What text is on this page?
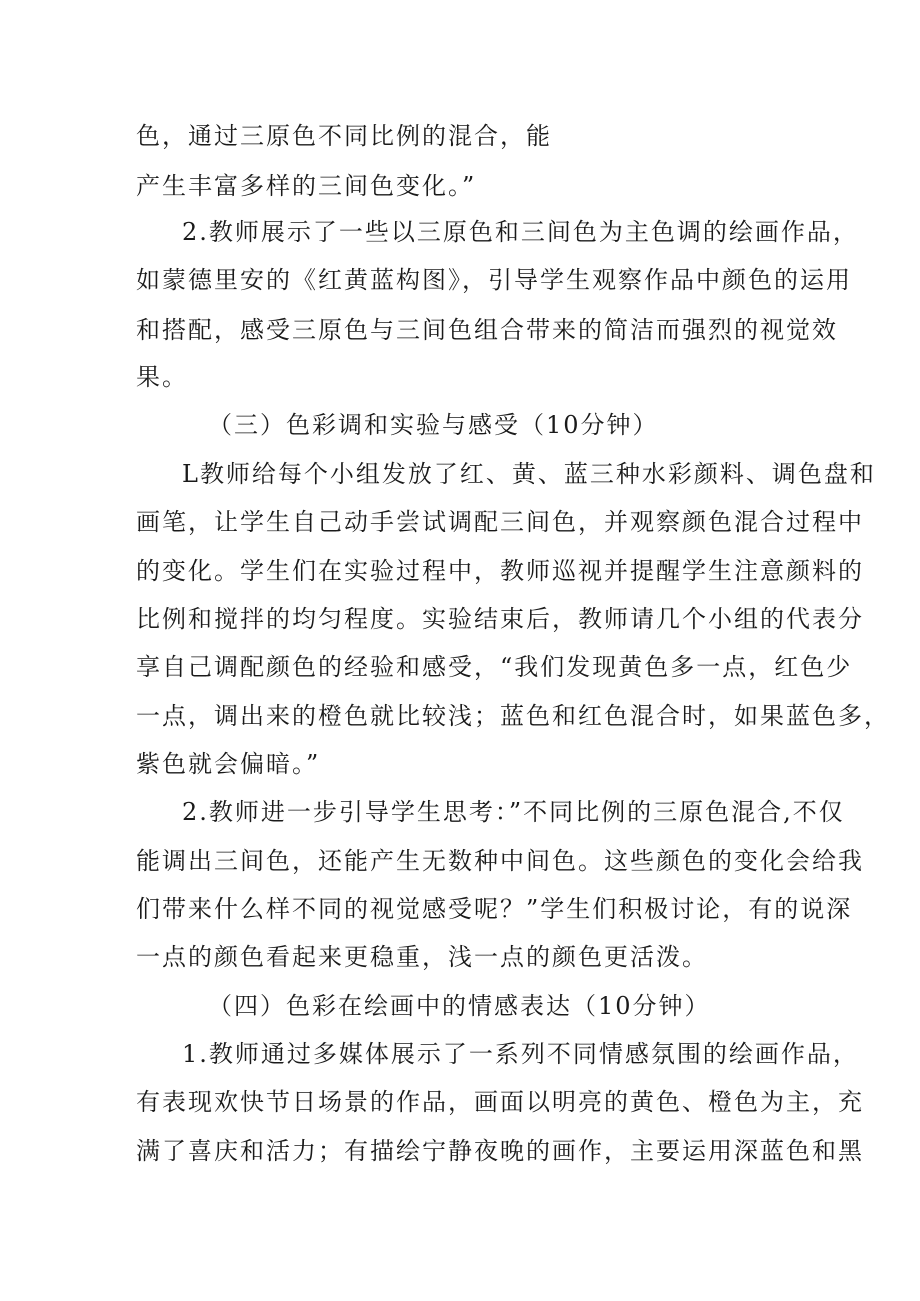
色，通过三原色不同比例的混合，能
产生丰富多样的三间色变化。”
2.教师展示了一些以三原色和三间色为主色调的绘画作品，
如蒙德里安的《红黄蓝构图》，引导学生观察作品中颜色的运用
和搭配，感受三原色与三间色组合带来的简洁而强烈的视觉效
果。
（三）色彩调和实验与感受（10分钟）
L教师给每个小组发放了红、黄、蓝三种水彩颜料、调色盘和
画笔，让学生自己动手尝试调配三间色，并观察颜色混合过程中
的变化。学生们在实验过程中，教师巡视并提醒学生注意颜料的
比例和搅拌的均匀程度。实验结束后，教师请几个小组的代表分
享自己调配颜色的经验和感受，“我们发现黄色多一点，红色少
一点，调出来的橙色就比较浅；蓝色和红色混合时，如果蓝色多，
紫色就会偏暗。”
2.教师进一步引导学生思考：”不同比例的三原色混合,不仅
能调出三间色，还能产生无数种中间色。这些颜色的变化会给我
们带来什么样不同的视觉感受呢？”学生们积极讨论，有的说深
一点的颜色看起来更稳重，浅一点的颜色更活泼。
（四）色彩在绘画中的情感表达（10分钟）
1.教师通过多媒体展示了一系列不同情感氛围的绘画作品，
有表现欢快节日场景的作品，画面以明亮的黄色、橙色为主，充
满了喜庆和活力；有描绘宁静夜晚的画作，主要运用深蓝色和黑
